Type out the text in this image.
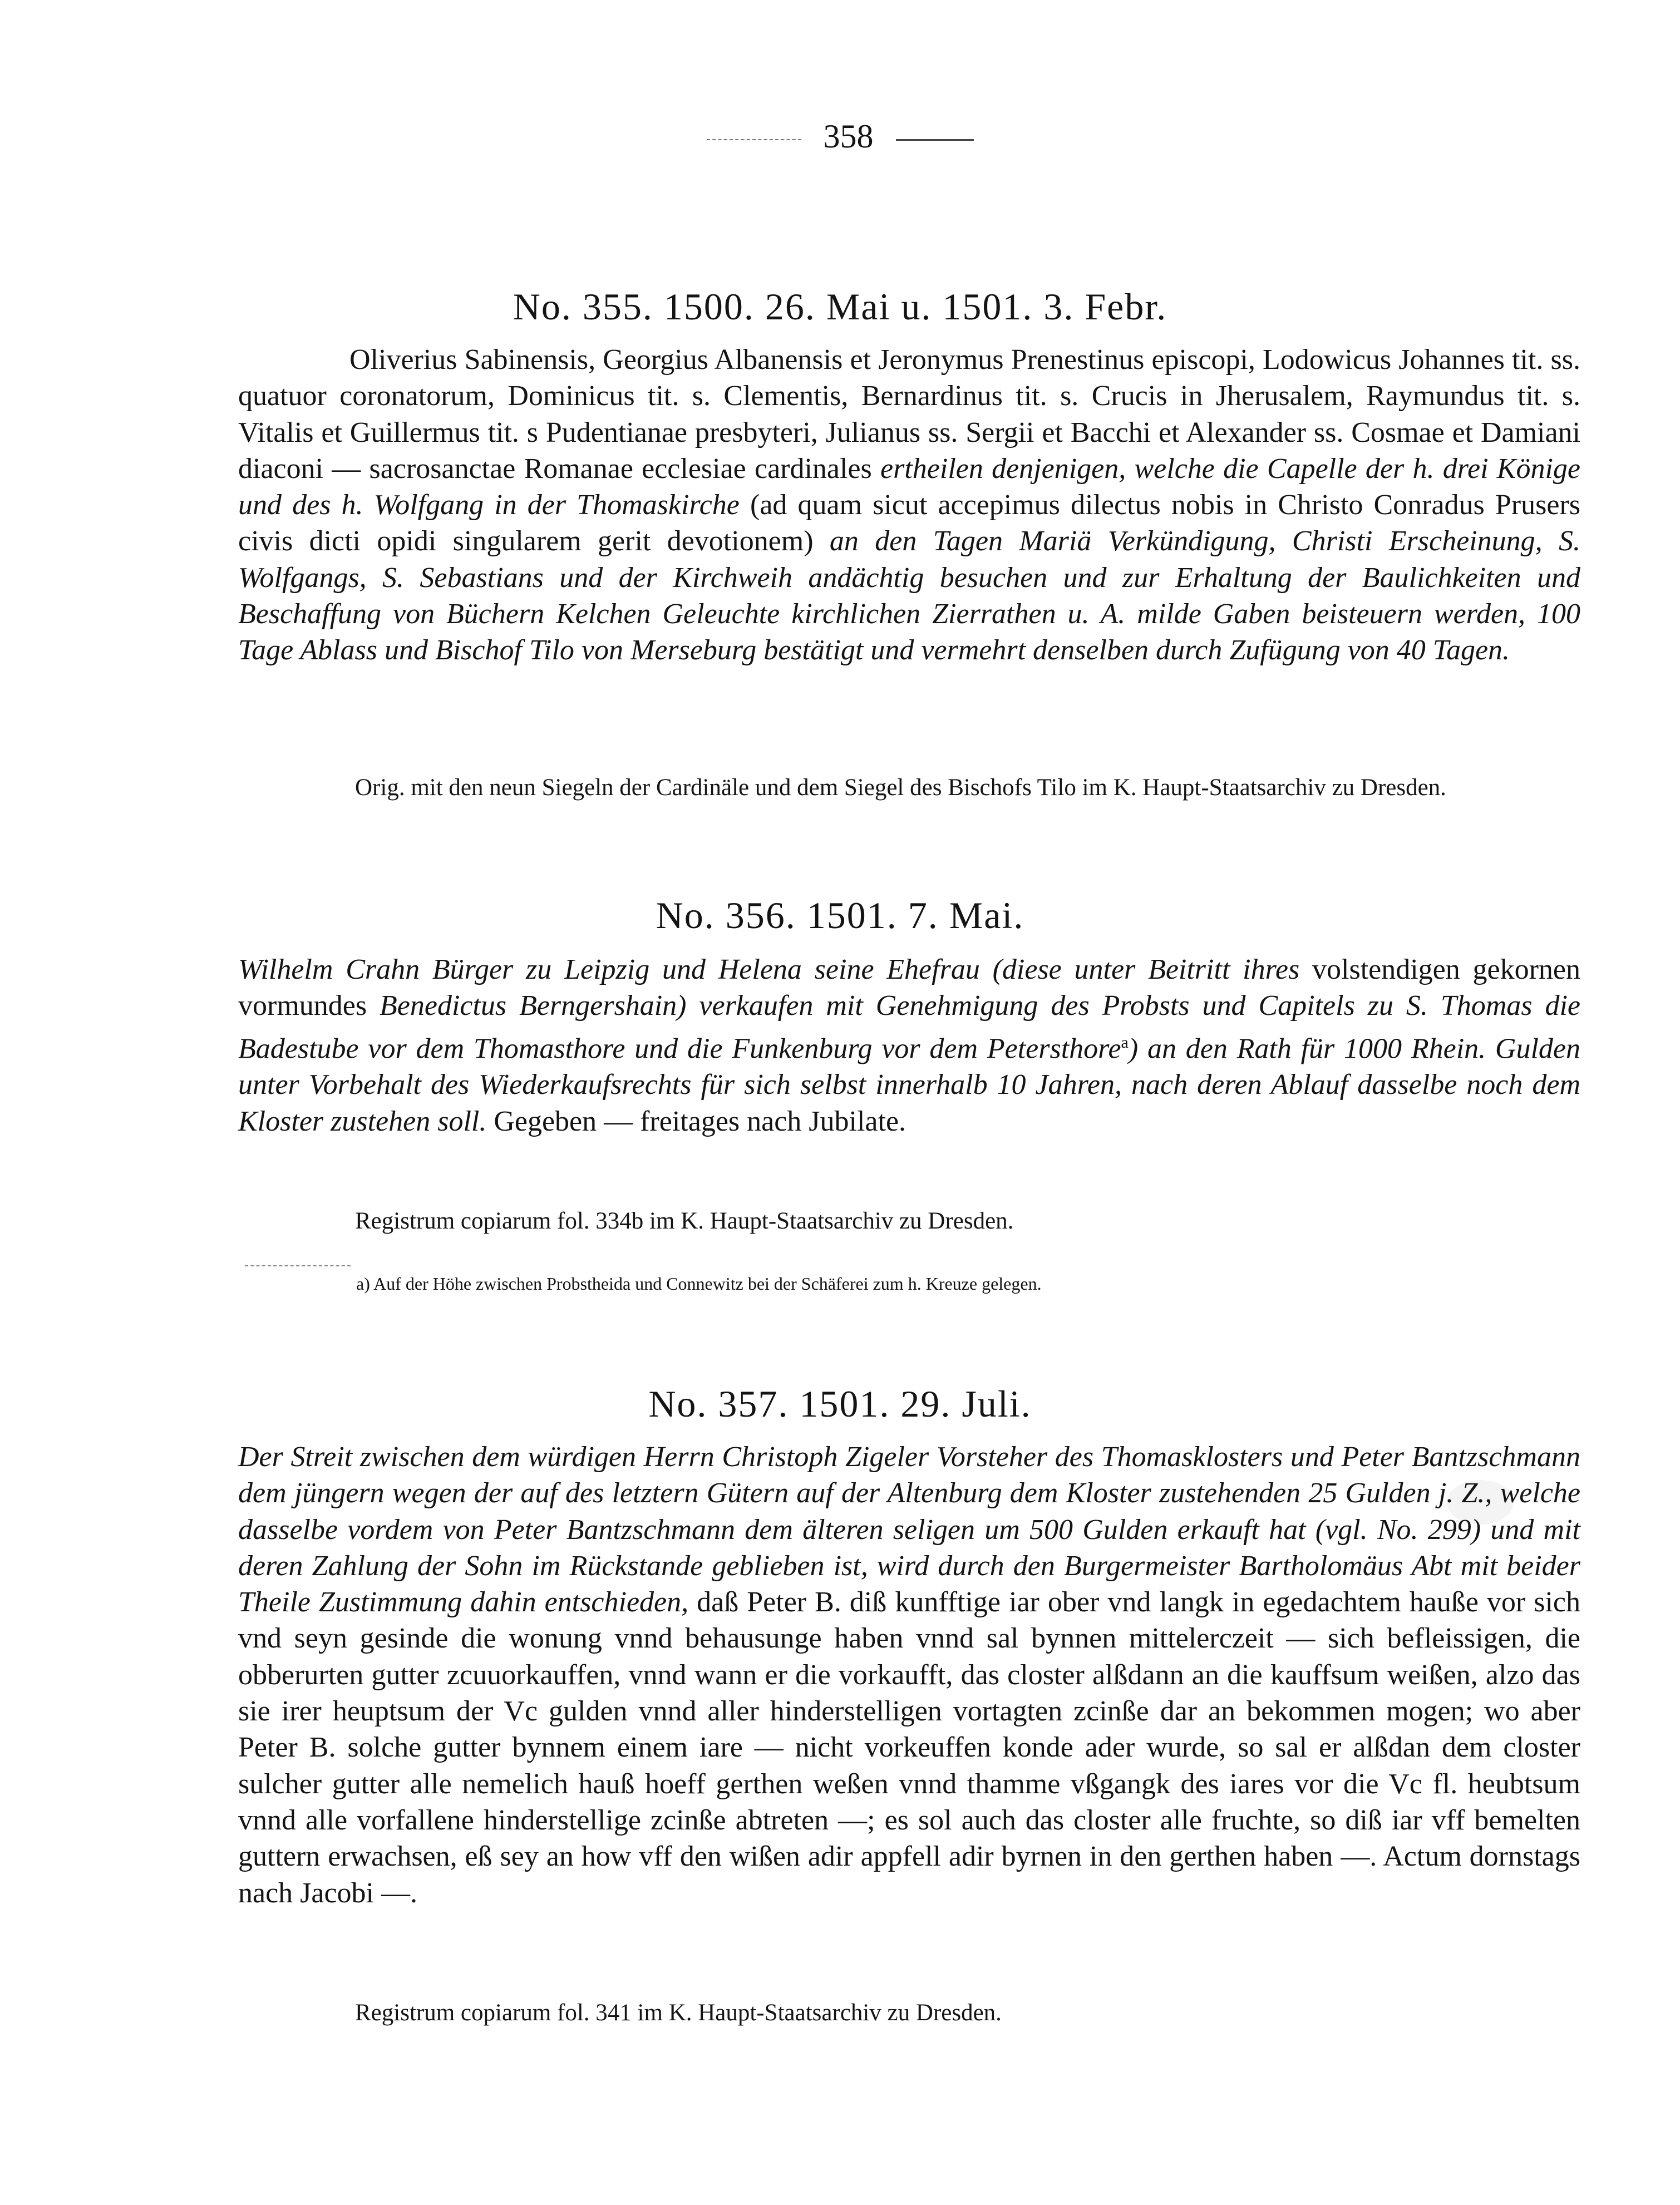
358
No. 355. 1500. 26. Mai u. 1501. 3. Febr.

Oliverius Sabinensis, Georgius Albanensis et Jeronymus Prenestinus episcopi, Lodowicus Johannes tit. ss. quatuor coronatorum, Dominicus tit. s. Clementis, Bernardinus tit. s. Crucis in Jherusalem, Raymundus tit. s. Vitalis et Guillermus tit. s Pudentianae presbyteri, Julianus ss. Sergii et Bacchi et Alexander ss. Cosmae et Damiani diaconi — sacrosanctae Romanae ecclesiae cardinales ertheilen denjenigen, welche die Capelle der h. drei Könige und des h. Wolfgang in der Thomaskirche (ad quam sicut accepimus dilectus nobis in Christo Conradus Prusers civis dicti opidi singularem gerit devotionem) an den Tagen Mariä Verkündigung, Christi Erscheinung, S. Wolfgangs, S. Sebastians und der Kirchweih andächtig besuchen und zur Erhaltung der Baulichkeiten und Beschaffung von Büchern Kelchen Geleuchte kirchlichen Zierrathen u. A. milde Gaben beisteuern werden, 100 Tage Ablass und Bischof Tilo von Merseburg bestätigt und vermehrt denselben durch Zufügung von 40 Tagen.

Orig. mit den neun Siegeln der Cardinäle und dem Siegel des Bischofs Tilo im K. Haupt-Staatsarchiv zu Dresden.

No. 356. 1501. 7. Mai.

Wilhelm Crahn Bürger zu Leipzig und Helena seine Ehefrau (diese unter Beitritt ihres volstendigen gekornen vormundes Benedictus Berngershain) verkaufen mit Genehmigung des Probsts und Capitels zu S. Thomas die Badestube vor dem Thomasthore und die Funkenburg vor dem Petersthore$^a$) an den Rath für 1000 Rhein. Gulden unter Vorbehalt des Wiederkaufsrechts für sich selbst innerhalb 10 Jahren, nach deren Ablauf dasselbe noch dem Kloster zustehen soll. Gegeben — freitages nach Jubilate.

Registrum copiarum fol. 334b im K. Haupt-Staatsarchiv zu Dresden.

a) Auf der Höhe zwischen Probstheida und Connewitz bei der Schäferei zum h. Kreuze gelegen.
No. 357. 1501. 29. Juli.

Der Streit zwischen dem würdigen Herrn Christoph Zigeler Vorsteher des Thomasklosters und Peter Bantzschmann dem jüngern wegen der auf des letztern Gütern auf der Altenburg dem Kloster zustehenden 25 Gulden j. Z., welche dasselbe vordem von Peter Bantzschmann dem älteren seligen um 500 Gulden erkauft hat (vgl. No. 299) und mit deren Zahlung der Sohn im Rückstande geblieben ist, wird durch den Burgermeister Bartholomäus Abt mit beider Theile Zustimmung dahin entschieden, daß Peter B. diß kunfftige iar ober vnd langk in egedachtem hauße vor sich vnd seyn gesinde die wonung vnnd behausunge haben vnnd sal bynnen mittelerczeit — sich befleissigen, die obberurten gutter zcuuorkauffen, vnnd wann er die vorkaufft, das closter alßdann an die kauffsum weißen, alzo das sie irer heuptsum der Vc gulden vnnd aller hinderstelligen vortagten zcinße dar an bekommen mogen; wo aber Peter B. solche gutter bynnem einem iare — nicht vorkeuffen konde ader wurde, so sal er alßdan dem closter sulcher gutter alle nemelich hauß hoeff gerthen weßen vnnd thamme vßgangk des iares vor die Vc fl. heubtsum vnnd alle vorfallene hinderstellige zcinße abtreten —; es sol auch das closter alle fruchte, so diß iar vff bemelten guttern erwachsen, eß sey an how vff den wißen adir appfell adir byrnen in den gerthen haben —. Actum dornstags nach Jacobi —.

Registrum copiarum fol. 341 im K. Haupt-Staatsarchiv zu Dresden.
